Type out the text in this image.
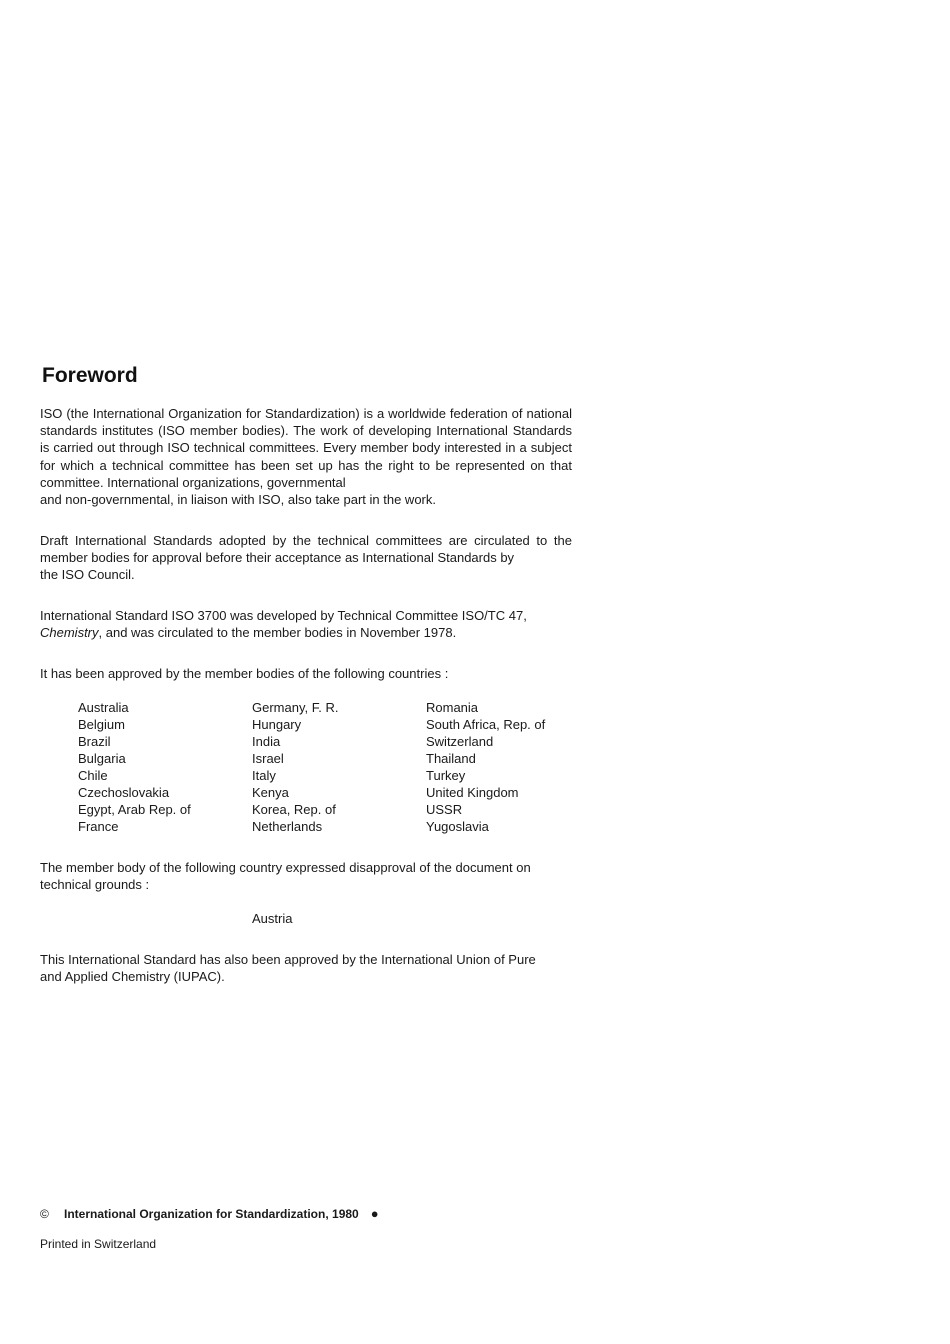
Foreword

ISO (the International Organization for Standardization) is a worldwide federation of national standards institutes (ISO member bodies). The work of developing International Standards is carried out through ISO technical committees. Every member body interested in a subject for which a technical committee has been set up has the right to be represented on that committee. International organizations, governmental
and non-governmental, in liaison with ISO, also take part in the work.

Draft International Standards adopted by the technical committees are circulated to the member bodies for approval before their acceptance as International Standards by
the ISO Council.

International Standard ISO 3700 was developed by Technical Committee ISO/TC 47,
Chemistry, and was circulated to the member bodies in November 1978.

It has been approved by the member bodies of the following countries :

Australia
Belgium
Brazil
Bulgaria
Chile
Czechoslovakia
Egypt, Arab Rep. of
France
Germany, F. R.
Hungary
India
Israel
Italy
Kenya
Korea, Rep. of
Netherlands
Romania
South Africa, Rep. of
Switzerland
Thailand
Turkey
United Kingdom
USSR
Yugoslavia

The member body of the following country expressed disapproval of the document on
technical grounds :

Austria

This International Standard has also been approved by the International Union of Pure
and Applied Chemistry (IUPAC).

© International Organization for Standardization, 1980 ●
Printed in Switzerland
